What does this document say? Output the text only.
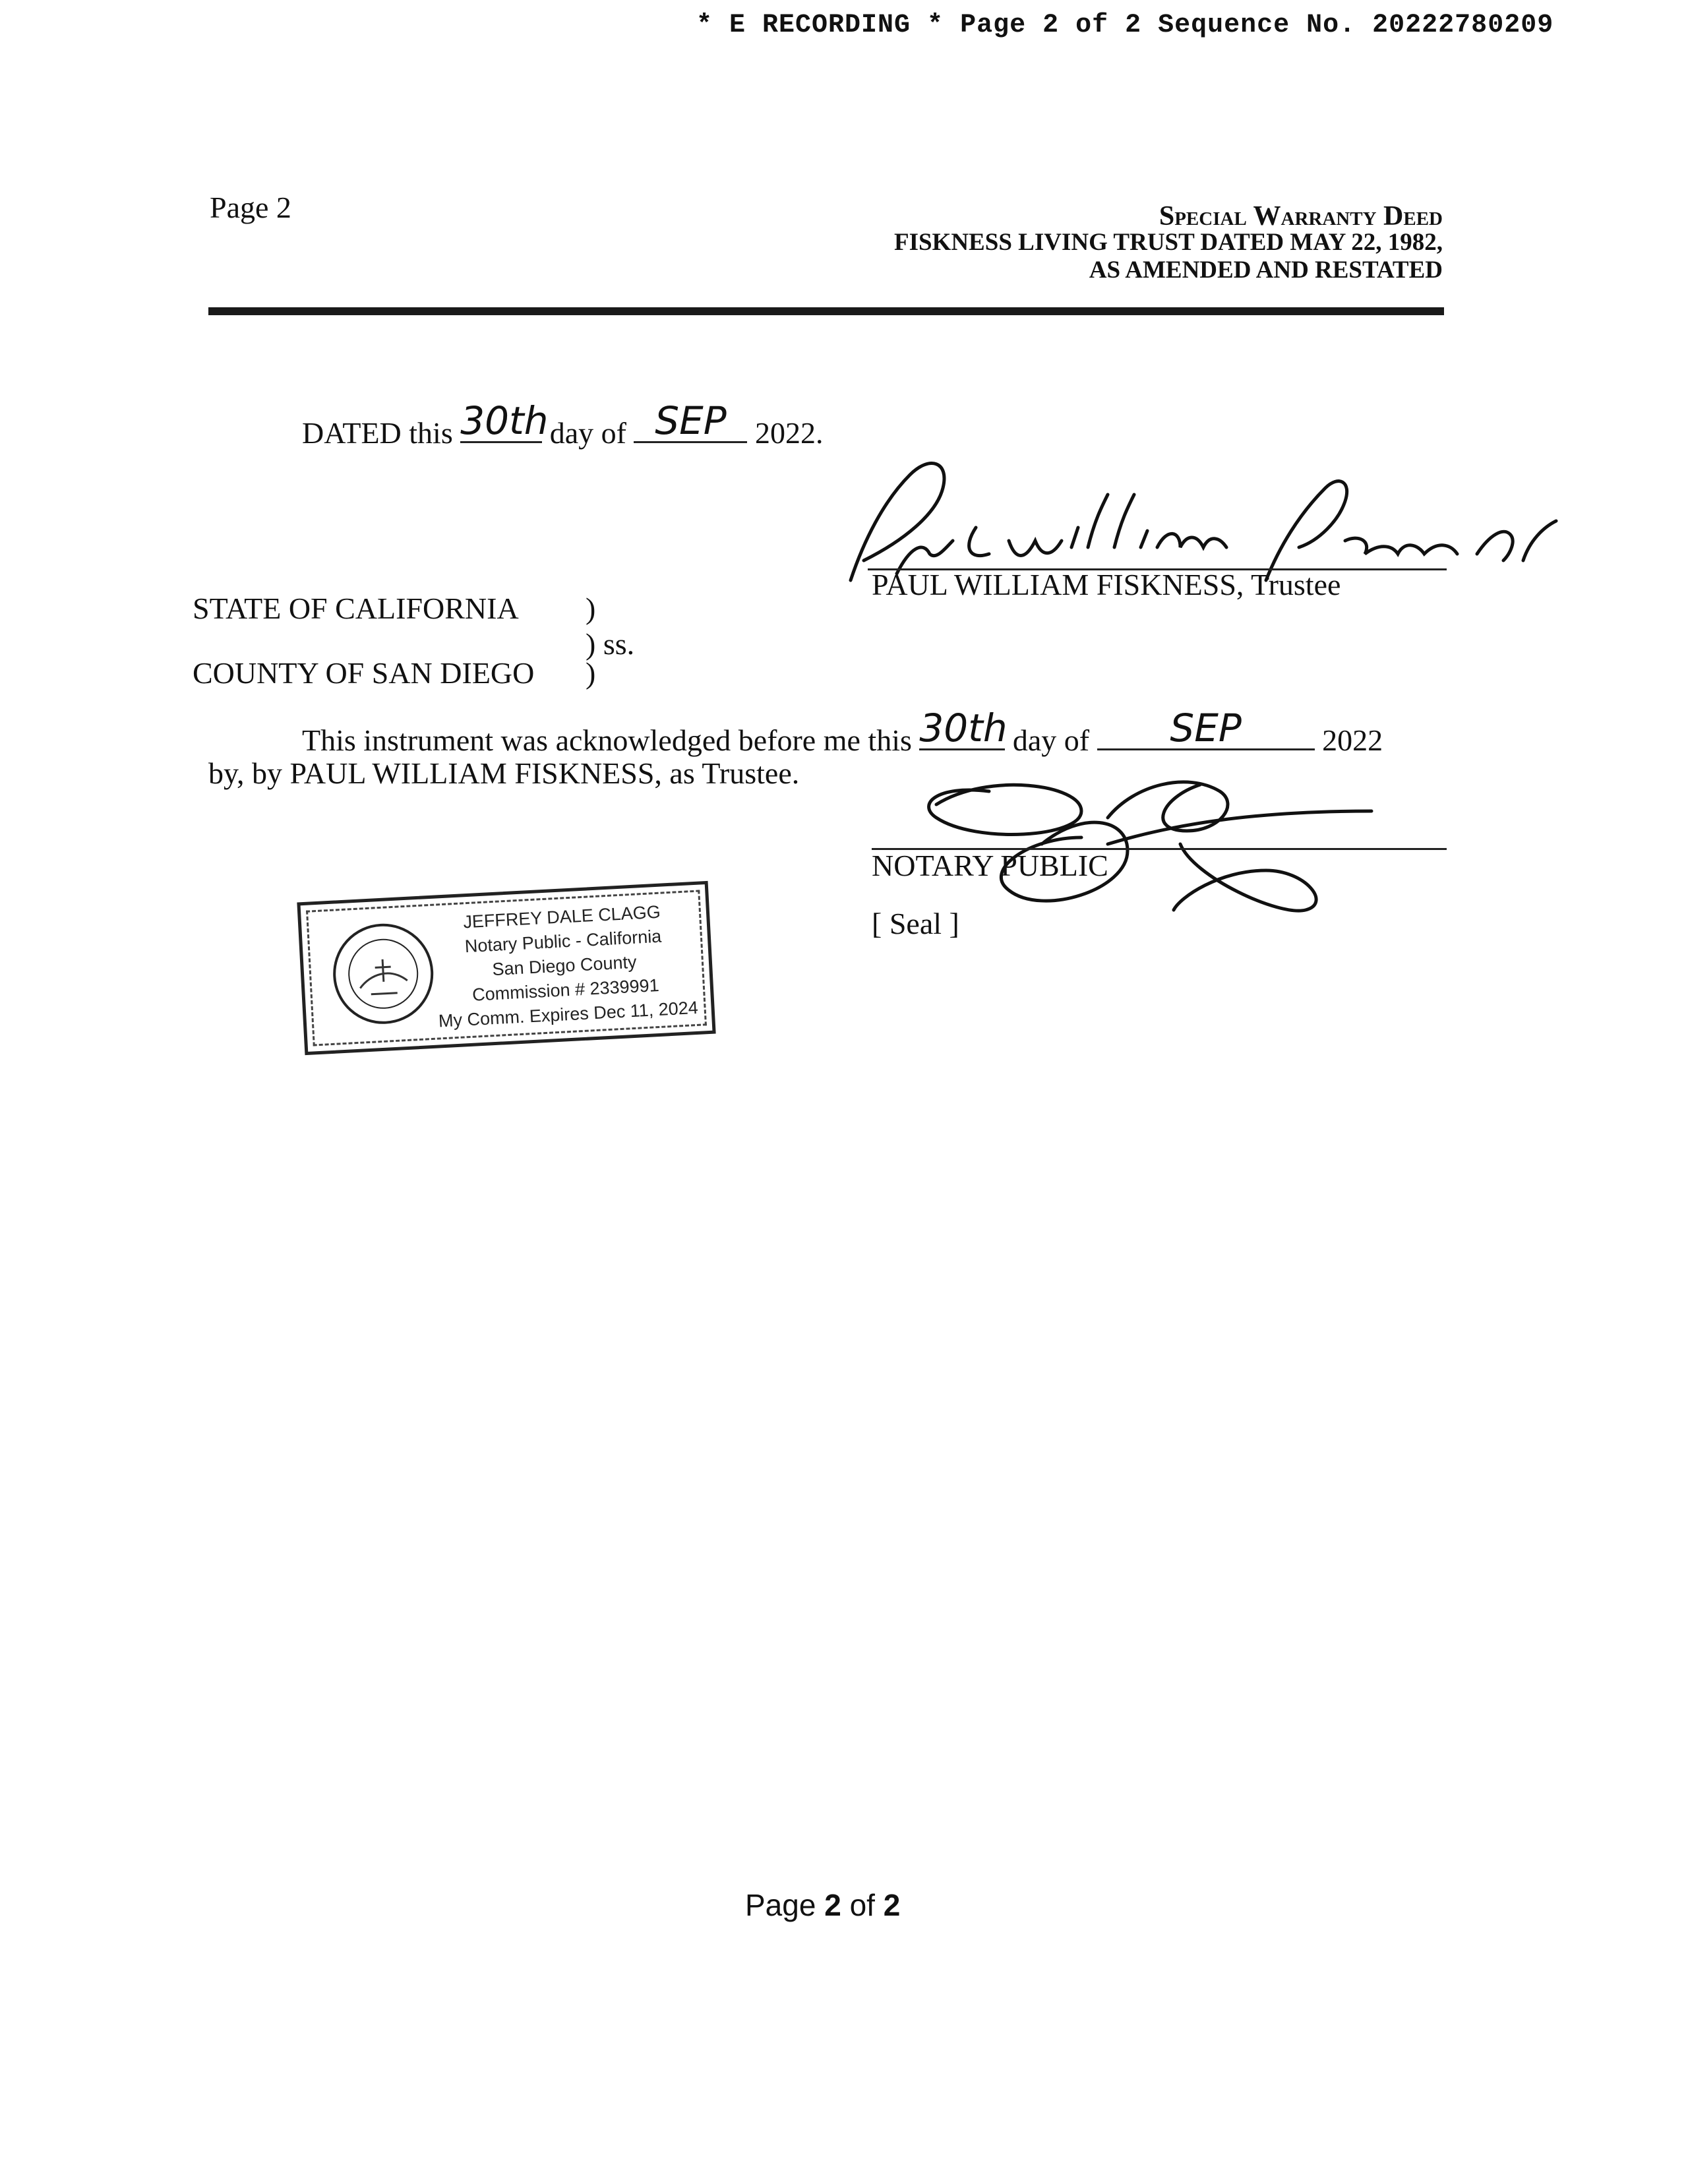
* E RECORDING * Page 2 of 2 Sequence No. 20222780209
Page 2	Special Warranty Deed
FISKNESS LIVING TRUST DATED MAY 22, 1982,
AS AMENDED AND RESTATED
DATED this 30th day of SEP 2022.
PAUL WILLIAM FISKNESS, Trustee
STATE OF CALIFORNIA )
) ss.
COUNTY OF SAN DIEGO )
This instrument was acknowledged before me this 30th day of	SEP	2022
by, by PAUL WILLIAM FISKNESS, as Trustee.
NOTARY PUBLIC
[ Seal ]
JEFFREY DALE CLAGG
Notary Public - California
San Diego County
Commission # 2339991
My Comm. Expires Dec 11, 2024
Page 2 of 2
